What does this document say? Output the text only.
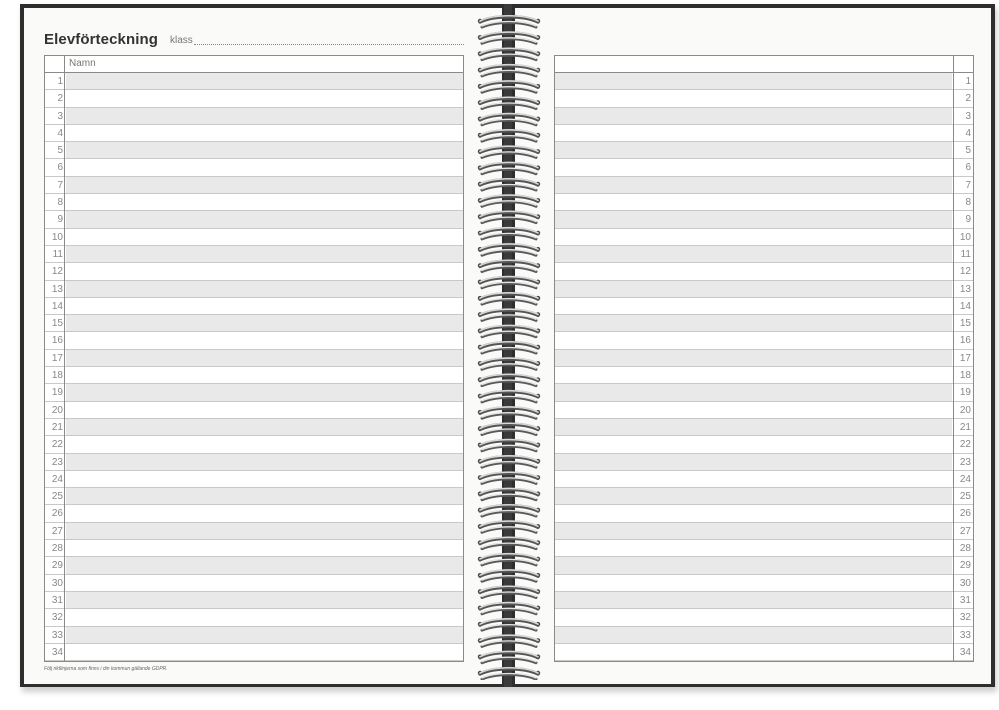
Elevförteckning klass
Namn
1
2
3
4
5
6
7
8
9
10
11
12
13
14
15
16
17
18
19
20
21
22
23
24
25
26
27
28
29
30
31
32
33
34
Följ riktlinjerna som finns i din kommun gällande GDPR.
1
2
3
4
5
6
7
8
9
10
11
12
13
14
15
16
17
18
19
20
21
22
23
24
25
26
27
28
29
30
31
32
33
34
